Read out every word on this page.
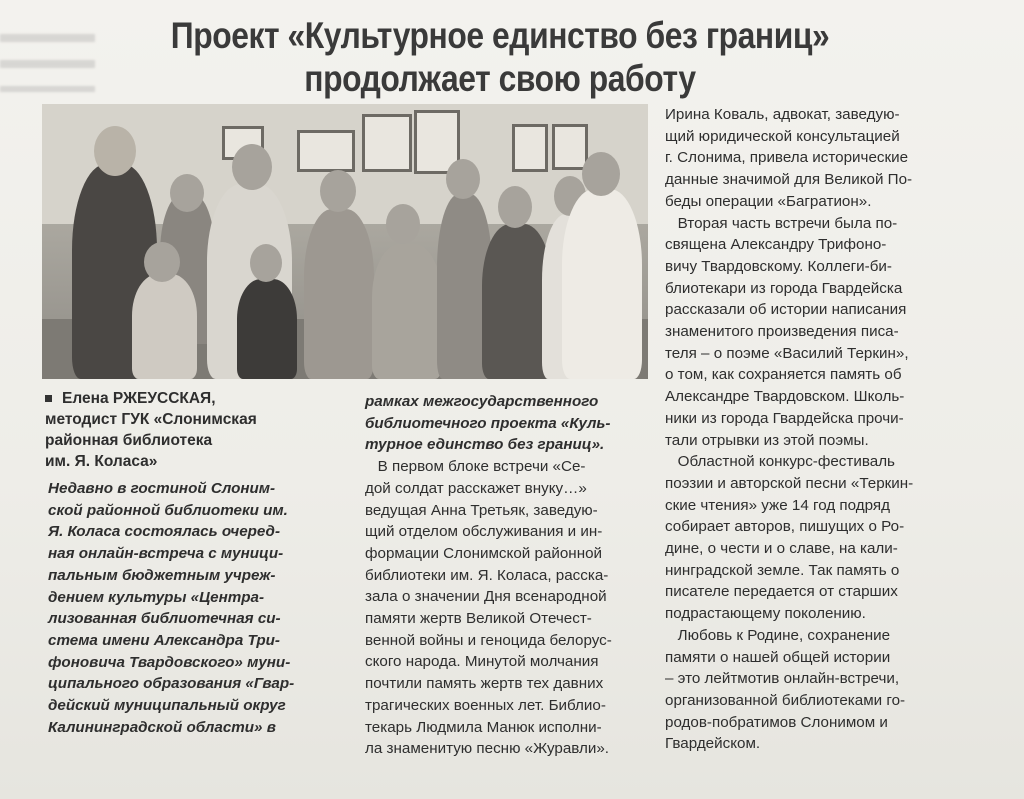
Проект «Культурное единство без границ»
продолжает свою работу
Елена РЖЕУССКАЯ,
методист ГУК «Слонимская
районная библиотека
им. Я. Коласа»
Недавно в гостиной Слоним-
ской районной библиотеки им.
Я. Коласа состоялась очеред-
ная онлайн-встреча с муници-
пальным бюджетным учреж-
дением культуры «Центра-
лизованная библиотечная си-
стема имени Александра Три-
фоновича Твардовского» муни-
ципального образования «Гвар-
дейский муниципальный округ
Калининградской области» в
рамках межгосударственного
библиотечного проекта «Куль-
турное единство без границ».
В первом блоке встречи «Се-
дой солдат расскажет внуку…»
ведущая Анна Третьяк, заведую-
щий отделом обслуживания и ин-
формации Слонимской районной
библиотеки им. Я. Коласа, расска-
зала о значении Дня всенародной
памяти жертв Великой Отечест-
венной войны и геноцида белорус-
ского народа. Минутой молчания
почтили память жертв тех давних
трагических военных лет. Библио-
текарь Людмила Манюк исполни-
ла знаменитую песню «Журавли».
Ирина Коваль, адвокат, заведую-
щий юридической консультацией
г. Слонима, привела исторические
данные значимой для Великой По-
беды операции «Багратион».
Вторая часть встречи была по-
священа Александру Трифоно-
вичу Твардовскому. Коллеги-би-
блиотекари из города Гвардейска
рассказали об истории написания
знаменитого произведения писа-
теля – о поэме «Василий Теркин»,
о том, как сохраняется память об
Александре Твардовском. Школь-
ники из города Гвардейска прочи-
тали отрывки из этой поэмы.
Областной конкурс-фестиваль
поэзии и авторской песни «Теркин-
ские чтения» уже 14 год подряд
собирает авторов, пишущих о Ро-
дине, о чести и о славе, на кали-
нинградской земле. Так память о
писателе передается от старших
подрастающему поколению.
Любовь к Родине, сохранение
памяти о нашей общей истории
– это лейтмотив онлайн-встречи,
организованной библиотеками го-
родов-побратимов Слонимом и
Гвардейском.
